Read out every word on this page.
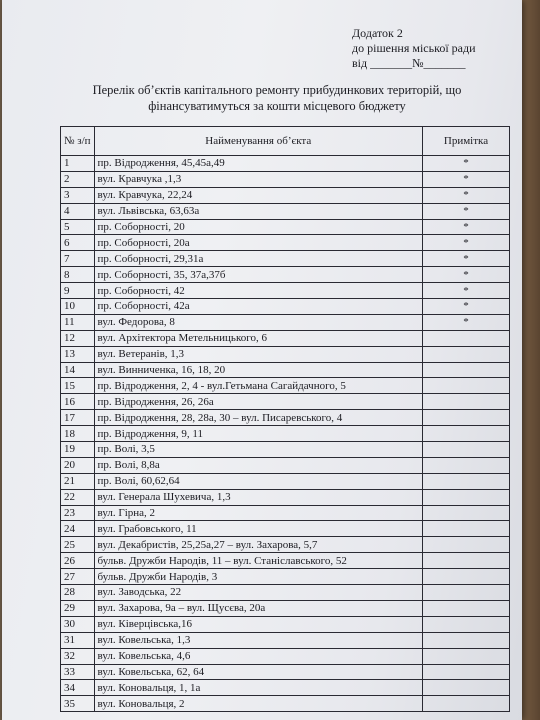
Додаток 2
до рішення міської ради
від _______№_______
Перелік об’єктів капітального ремонту прибудинкових територій, що
фінансуватимуться за кошти місцевого бюджету
№ з/п	Найменування об’єкта	Примітка
1	пр. Відродження, 45,45а,49	*
2	вул. Кравчука ,1,3	*
3	вул. Кравчука, 22,24	*
4	вул. Львівська, 63,63а	*
5	пр. Соборності, 20	*
6	пр. Соборності, 20а	*
7	пр. Соборності, 29,31а	*
8	пр. Соборності, 35, 37а,37б	*
9	пр. Соборності, 42	*
10	пр. Соборності, 42а	*
11	вул. Федорова, 8	*
12	вул. Архітектора Метельницького, 6	
13	вул. Ветеранів, 1,3	
14	вул. Винниченка, 16, 18, 20	
15	пр. Відродження, 2, 4 - вул.Гетьмана Сагайдачного, 5	
16	пр. Відродження, 26, 26а	
17	пр. Відродження, 28, 28а, 30 – вул. Писаревського, 4	
18	пр. Відродження, 9, 11	
19	пр. Волі, 3,5	
20	пр. Волі, 8,8а	
21	пр. Волі, 60,62,64	
22	вул. Генерала Шухевича, 1,3	
23	вул. Гірна, 2	
24	вул. Грабовського, 11	
25	вул. Декабристів, 25,25а,27 – вул. Захарова, 5,7	
26	бульв. Дружби Народів, 11 – вул. Станіславського, 52	
27	бульв. Дружби Народів, 3	
28	вул. Заводська, 22	
29	вул. Захарова, 9а – вул. Щусєва, 20а	
30	вул. Ківерцівська,16	
31	вул. Ковельська, 1,3	
32	вул. Ковельська, 4,6	
33	вул. Ковельська, 62, 64	
34	вул. Коновальця, 1, 1а	
35	вул. Коновальця, 2	
